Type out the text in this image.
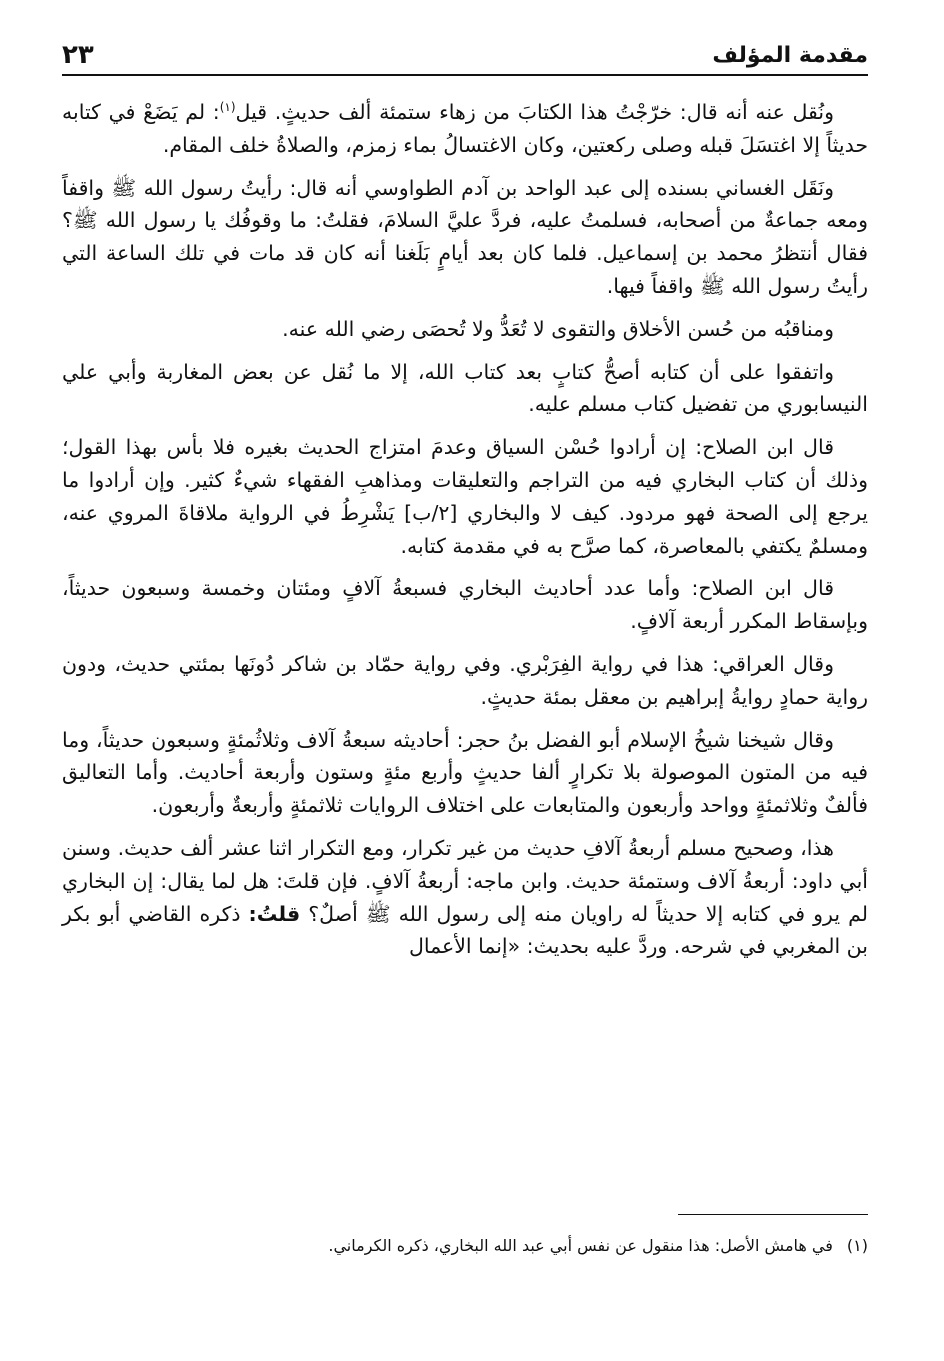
مقدمة المؤلف
٢٣

ونُقل عنه أنه قال: خرّجْتُ هذا الكتابَ من زهاء ستمئة ألف حديثٍ. قيل$^{(١)}$: لم يَضَعْ في كتابه حديثاً إلا اغتسَلَ قبله وصلى ركعتين، وكان الاغتسالُ بماء زمزم، والصلاةُ خلف المقام.

ونَقَل الغساني بسنده إلى عبد الواحد بن آدم الطواوسي أنه قال: رأيتُ رسول الله ﷺ واقفاً ومعه جماعةٌ من أصحابه، فسلمتُ عليه، فردَّ عليَّ السلامَ، فقلتُ: ما وقوفُك يا رسول الله ﷺ؟ فقال أنتظرُ محمد بن إسماعيل. فلما كان بعد أيامٍ بَلَغنا أنه كان قد مات في تلك الساعة التي رأيتُ رسول الله ﷺ واقفاً فيها.

ومناقبُه من حُسن الأخلاق والتقوى لا تُعَدُّ ولا تُحصَى رضي الله عنه.

واتفقوا على أن كتابه أصحُّ كتابٍ بعد كتاب الله، إلا ما نُقل عن بعض المغاربة وأبي علي النيسابوري من تفضيل كتاب مسلم عليه.

قال ابن الصلاح: إن أرادوا حُسْن السياق وعدمَ امتزاج الحديث بغيره فلا بأس بهذا القول؛ وذلك أن كتاب البخاري فيه من التراجم والتعليقات ومذاهبِ الفقهاء شيءٌ كثير. وإن أرادوا ما يرجع إلى الصحة فهو مردود. كيف لا والبخاري [٢/ب] يَشْرِطُ في الرواية ملاقاةَ المروي عنه، ومسلمٌ يكتفي بالمعاصرة، كما صرَّح به في مقدمة كتابه.

قال ابن الصلاح: وأما عدد أحاديث البخاري فسبعةُ آلافٍ ومئتان وخمسة وسبعون حديثاً، وبإسقاط المكرر أربعة آلافٍ.

وقال العراقي: هذا في رواية الفِرَبْري. وفي رواية حمّاد بن شاكر دُونَها بمئتي حديث، ودون رواية حمادٍ روايةُ إبراهيم بن معقل بمئة حديثٍ.

وقال شيخنا شيخُ الإسلام أبو الفضل بنُ حجر: أحاديثه سبعةُ آلاف وثلاثُمئةٍ وسبعون حديثاً، وما فيه من المتون الموصولة بلا تكرارٍ ألفا حديثٍ وأربع مئةٍ وستون وأربعة أحاديث. وأما التعاليق فألفٌ وثلاثمئةٍ وواحد وأربعون والمتابعات على اختلاف الروايات ثلاثمئةٍ وأربعةٌ وأربعون.

هذا، وصحيح مسلم أربعةُ آلافِ حديث من غير تكرار، ومع التكرار اثنا عشر ألف حديث. وسنن أبي داود: أربعةُ آلاف وستمئة حديث. وابن ماجه: أربعةُ آلافٍ. فإن قلتَ: هل لما يقال: إن البخاري لم يرو في كتابه إلا حديثاً له راويان منه إلى رسول الله ﷺ أصلٌ؟ قلتُ: ذكره القاضي أبو بكر بن المغربي في شرحه. وردَّ عليه بحديث: «إنما الأعمال

(١)في هامش الأصل: هذا منقول عن نفس أبي عبد الله البخاري، ذكره الكرماني.
